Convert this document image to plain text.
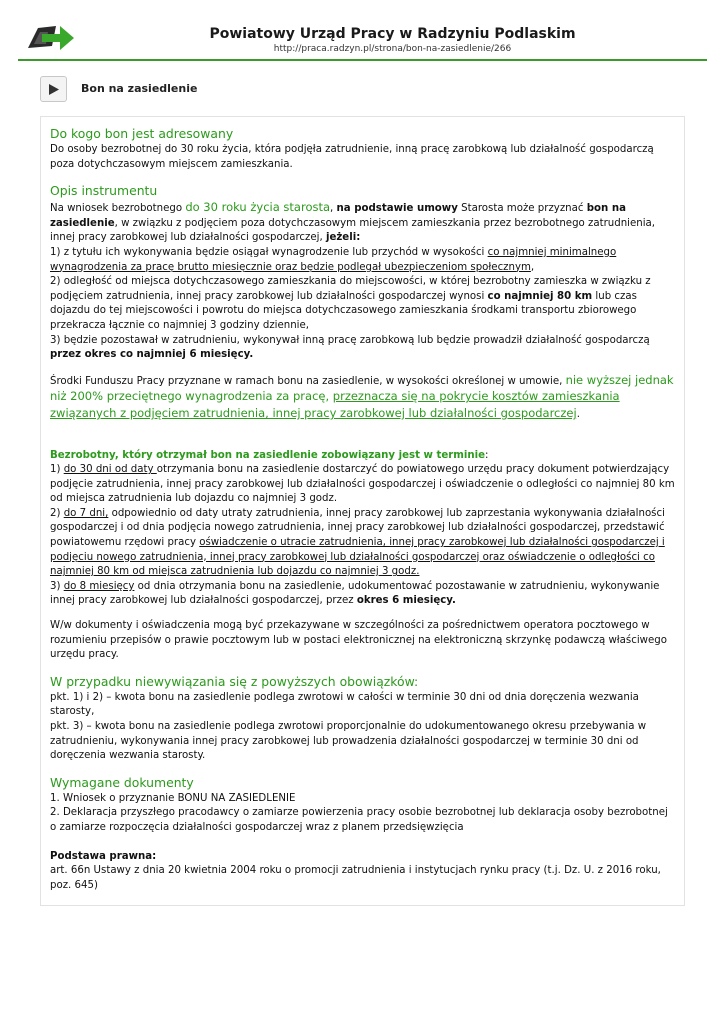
Powiatowy Urząd Pracy w Radzyniu Podlaskim
http://praca.radzyn.pl/strona/bon-na-zasiedlenie/266
Bon na zasiedlenie
Do kogo bon jest adresowany

Do osoby bezrobotnej do 30 roku życia, która podjęła zatrudnienie, inną pracę zarobkową lub działalność gospodarczą poza dotychczasowym miejscem zamieszkania.

Opis instrumentu

Na wniosek bezrobotnego do 30 roku życia starosta, na podstawie umowy Starosta może przyznać bon na zasiedlenie, w związku z podjęciem poza dotychczasowym miejscem zamieszkania przez bezrobotnego zatrudnienia, innej pracy zarobkowej lub działalności gospodarczej, jeżeli:

1) z tytułu ich wykonywania będzie osiągał wynagrodzenie lub przychód w wysokości co najmniej minimalnego wynagrodzenia za pracę brutto miesięcznie oraz będzie podlegał ubezpieczeniom społecznym,

2) odległość od miejsca dotychczasowego zamieszkania do miejscowości, w której bezrobotny zamieszka w związku z podjęciem zatrudnienia, innej pracy zarobkowej lub działalności gospodarczej wynosi co najmniej 80 km lub czas dojazdu do tej miejscowości i powrotu do miejsca dotychczasowego zamieszkania środkami transportu zbiorowego przekracza łącznie co najmniej 3 godziny dziennie,

3) będzie pozostawał w zatrudnieniu, wykonywał inną pracę zarobkową lub będzie prowadził działalność gospodarczą przez okres co najmniej 6 miesięcy.

Środki Funduszu Pracy przyznane w ramach bonu na zasiedlenie, w wysokości określonej w umowie, nie wyższej jednak niż 200% przeciętnego wynagrodzenia za pracę, przeznacza się na pokrycie kosztów zamieszkania związanych z podjęciem zatrudnienia, innej pracy zarobkowej lub działalności gospodarczej.

Bezrobotny, który otrzymał bon na zasiedlenie zobowiązany jest w terminie:

1) do 30 dni od daty otrzymania bonu na zasiedlenie dostarczyć do powiatowego urzędu pracy dokument potwierdzający podjęcie zatrudnienia, innej pracy zarobkowej lub działalności gospodarczej i oświadczenie o odległości co najmniej 80 km od miejsca zatrudnienia lub dojazdu co najmniej 3 godz.

2) do 7 dni, odpowiednio od daty utraty zatrudnienia, innej pracy zarobkowej lub zaprzestania wykonywania działalności gospodarczej i od dnia podjęcia nowego zatrudnienia, innej pracy zarobkowej lub działalności gospodarczej, przedstawić powiatowemu rzędowi pracy oświadczenie o utracie zatrudnienia, innej pracy zarobkowej lub działalności gospodarczej i podjęciu nowego zatrudnienia, innej pracy zarobkowej lub działalności gospodarczej oraz oświadczenie o odległości co najmniej 80 km od miejsca zatrudnienia lub dojazdu co najmniej 3 godz.

3) do 8 miesięcy od dnia otrzymania bonu na zasiedlenie, udokumentować pozostawanie w zatrudnieniu, wykonywanie innej pracy zarobkowej lub działalności gospodarczej, przez okres 6 miesięcy.

W/w dokumenty i oświadczenia mogą być przekazywane w szczególności za pośrednictwem operatora pocztowego w rozumieniu przepisów o prawie pocztowym lub w postaci elektronicznej na elektroniczną skrzynkę podawczą właściwego urzędu pracy.

W przypadku niewywiązania się z powyższych obowiązków:

pkt. 1) i 2) – kwota bonu na zasiedlenie podlega zwrotowi w całości w terminie 30 dni od dnia doręczenia wezwania starosty,

pkt. 3) – kwota bonu na zasiedlenie podlega zwrotowi proporcjonalnie do udokumentowanego okresu przebywania w zatrudnieniu, wykonywania innej pracy zarobkowej lub prowadzenia działalności gospodarczej w terminie 30 dni od doręczenia wezwania starosty.

Wymagane dokumenty

1. Wniosek o przyznanie BONU NA ZASIEDLENIE

2. Deklaracja przyszłego pracodawcy o zamiarze powierzenia pracy osobie bezrobotnej lub deklaracja osoby bezrobotnej o zamiarze rozpoczęcia działalności gospodarczej wraz z planem przedsięwzięcia

Podstawa prawna:

art. 66n Ustawy z dnia 20 kwietnia 2004 roku o promocji zatrudnienia i instytucjach rynku pracy (t.j. Dz. U. z 2016 roku, poz. 645)
